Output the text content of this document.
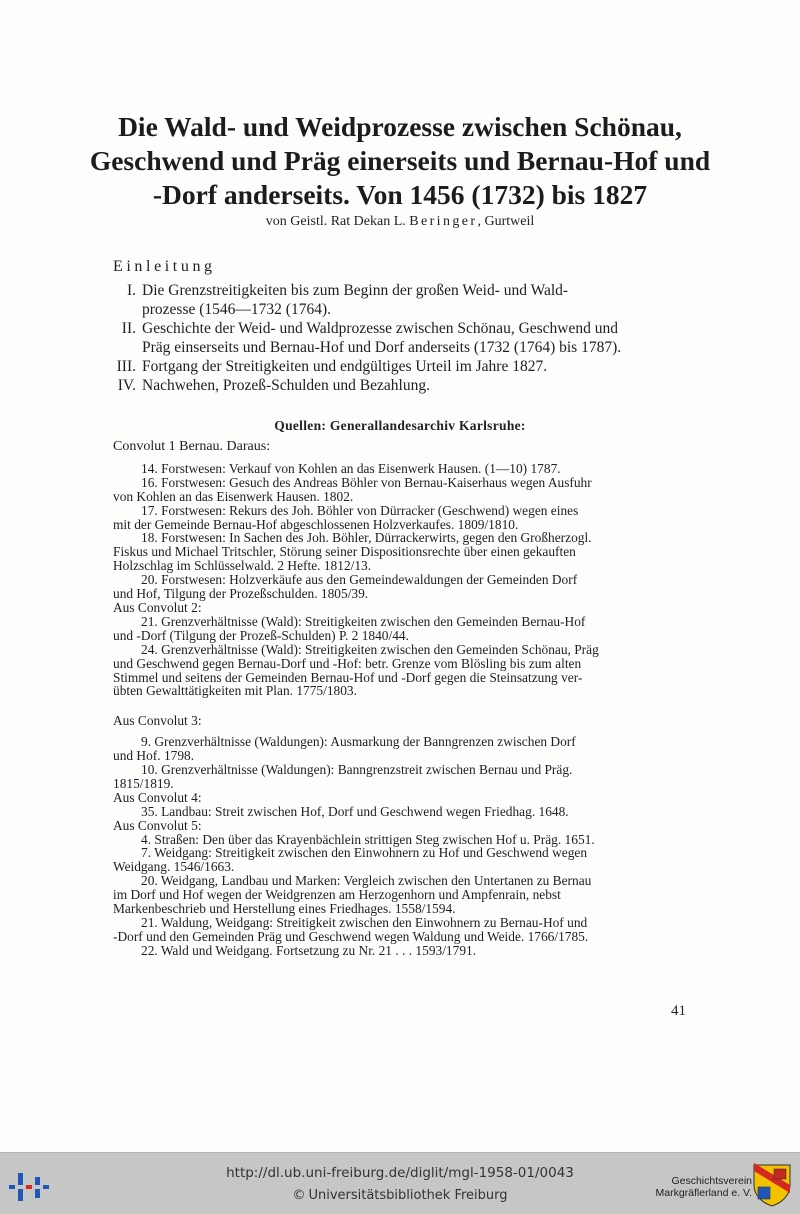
Die Wald- und Weidprozesse zwischen Schönau,
Geschwend und Präg einerseits und Bernau-Hof und
-Dorf anderseits. Von 1456 (1732) bis 1827
von Geistl. Rat Dekan L. Beringer, Gurtweil
Einleitung
I. Die Grenzstreitigkeiten bis zum Beginn der großen Weid- und Wald-
prozesse (1546—1732 (1764).
II. Geschichte der Weid- und Waldprozesse zwischen Schönau, Geschwend und
Präg einserseits und Bernau-Hof und Dorf anderseits (1732 (1764) bis 1787).
III. Fortgang der Streitigkeiten und endgültiges Urteil im Jahre 1827.
IV. Nachwehen, Prozeß-Schulden und Bezahlung.
Quellen: Generallandesarchiv Karlsruhe:

Convolut 1 Bernau. Daraus:

14. Forstwesen: Verkauf von Kohlen an das Eisenwerk Hausen. (1—10) 1787.

16. Forstwesen: Gesuch des Andreas Böhler von Bernau-Kaiserhaus wegen Ausfuhr
von Kohlen an das Eisenwerk Hausen. 1802.

17. Forstwesen: Rekurs des Joh. Böhler von Dürracker (Geschwend) wegen eines
mit der Gemeinde Bernau-Hof abgeschlossenen Holzverkaufes. 1809/1810.

18. Forstwesen: In Sachen des Joh. Böhler, Dürrackerwirts, gegen den Großherzogl.
Fiskus und Michael Tritschler, Störung seiner Dispositionsrechte über einen gekauften
Holzschlag im Schlüsselwald. 2 Hefte. 1812/13.

20. Forstwesen: Holzverkäufe aus den Gemeindewaldungen der Gemeinden Dorf
und Hof, Tilgung der Prozeßschulden. 1805/39.

Aus Convolut 2:

21. Grenzverhältnisse (Wald): Streitigkeiten zwischen den Gemeinden Bernau-Hof
und -Dorf (Tilgung der Prozeß-Schulden) P. 2 1840/44.

24. Grenzverhältnisse (Wald): Streitigkeiten zwischen den Gemeinden Schönau, Präg
und Geschwend gegen Bernau-Dorf und -Hof: betr. Grenze vom Blösling bis zum alten
Stimmel und seitens der Gemeinden Bernau-Hof und -Dorf gegen die Steinsatzung ver-
übten Gewalttätigkeiten mit Plan. 1775/1803.

Aus Convolut 3:

9. Grenzverhältnisse (Waldungen): Ausmarkung der Banngrenzen zwischen Dorf
und Hof. 1798.

10. Grenzverhältnisse (Waldungen): Banngrenzstreit zwischen Bernau und Präg.
1815/1819.

Aus Convolut 4:

35. Landbau: Streit zwischen Hof, Dorf und Geschwend wegen Friedhag. 1648.

Aus Convolut 5:

4. Straßen: Den über das Krayenbächlein strittigen Steg zwischen Hof u. Präg. 1651.

7. Weidgang: Streitigkeit zwischen den Einwohnern zu Hof und Geschwend wegen
Weidgang. 1546/1663.

20. Weidgang, Landbau und Marken: Vergleich zwischen den Untertanen zu Bernau
im Dorf und Hof wegen der Weidgrenzen am Herzogenhorn und Ampfenrain, nebst
Markenbeschrieb und Herstellung eines Friedhages. 1558/1594.

21. Waldung, Weidgang: Streitigkeit zwischen den Einwohnern zu Bernau-Hof und
-Dorf und den Gemeinden Präg und Geschwend wegen Waldung und Weide. 1766/1785.

22. Wald und Weidgang. Fortsetzung zu Nr. 21 . . . 1593/1791.

41
http://dl.ub.uni-freiburg.de/diglit/mgl-1958-01/0043
© Universitätsbibliothek Freiburg
Geschichtsverein
Markgräflerland e. V.
